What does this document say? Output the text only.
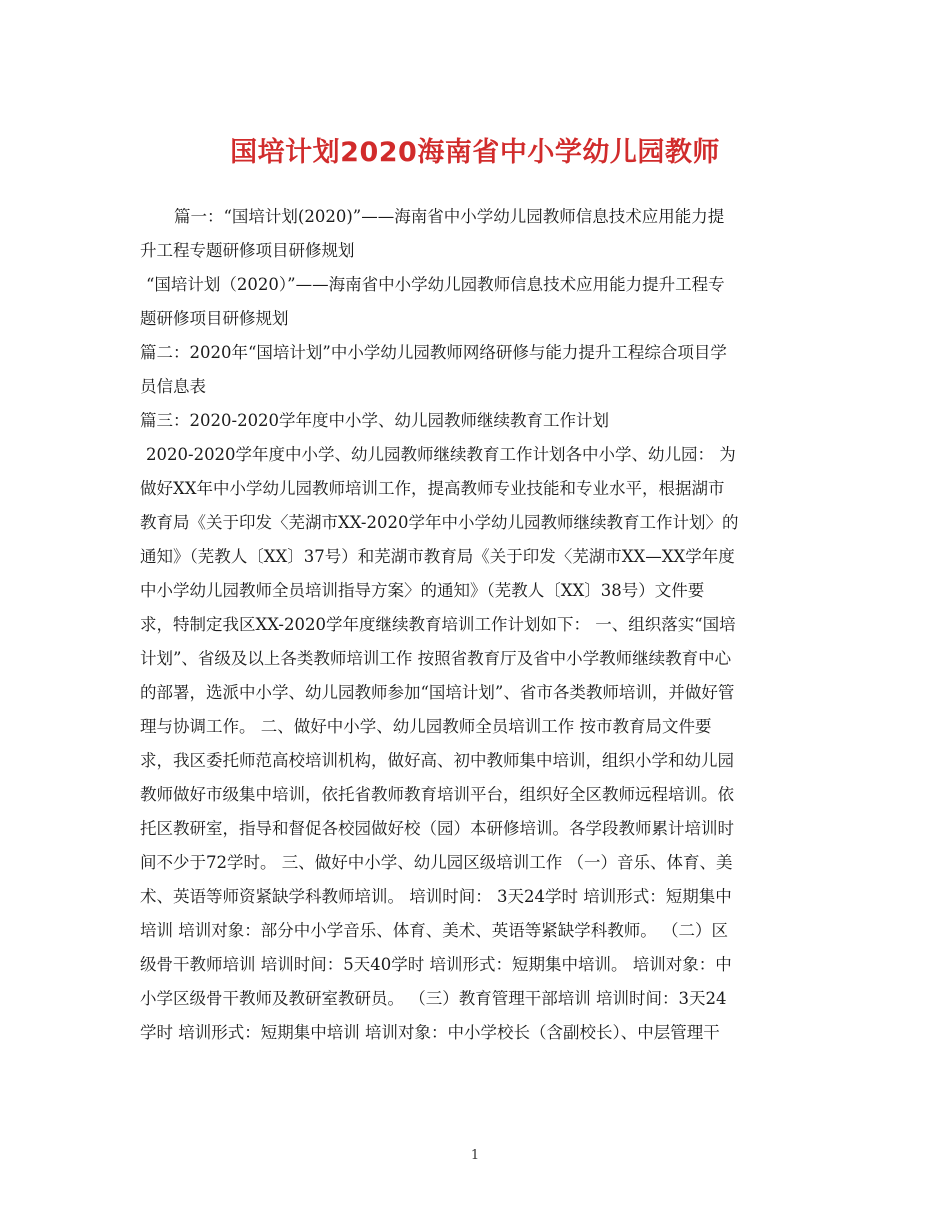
国培计划2020海南省中小学幼儿园教师
篇一：“国培计划(2020)”——海南省中小学幼儿园教师信息技术应用能力提
升工程专题研修项目研修规划
“国培计划（2020）”——海南省中小学幼儿园教师信息技术应用能力提升工程专
题研修项目研修规划
篇二：2020年“国培计划”中小学幼儿园教师网络研修与能力提升工程综合项目学
员信息表
篇三：2020-2020学年度中小学、幼儿园教师继续教育工作计划
2020-2020学年度中小学、幼儿园教师继续教育工作计划各中小学、幼儿园： 为
做好XX年中小学幼儿园教师培训工作，提高教师专业技能和专业水平，根据湖市
教育局《关于印发〈芜湖市XX-2020学年中小学幼儿园教师继续教育工作计划〉的
通知》（芜教人〔XX〕37号）和芜湖市教育局《关于印发〈芜湖市XX—XX学年度
中小学幼儿园教师全员培训指导方案〉的通知》（芜教人〔XX〕38号）文件要
求，特制定我区XX-2020学年度继续教育培训工作计划如下： 一、组织落实“国培
计划”、省级及以上各类教师培训工作 按照省教育厅及省中小学教师继续教育中心
的部署，选派中小学、幼儿园教师参加“国培计划”、省市各类教师培训，并做好管
理与协调工作。 二、做好中小学、幼儿园教师全员培训工作 按市教育局文件要
求，我区委托师范高校培训机构，做好高、初中教师集中培训，组织小学和幼儿园
教师做好市级集中培训，依托省教师教育培训平台，组织好全区教师远程培训。依
托区教研室，指导和督促各校园做好校（园）本研修培训。各学段教师累计培训时
间不少于72学时。 三、做好中小学、幼儿园区级培训工作 （一）音乐、体育、美
术、英语等师资紧缺学科教师培训。 培训时间： 3天24学时 培训形式：短期集中
培训 培训对象：部分中小学音乐、体育、美术、英语等紧缺学科教师。 （二）区
级骨干教师培训 培训时间：5天40学时 培训形式：短期集中培训。 培训对象：中
小学区级骨干教师及教研室教研员。 （三）教育管理干部培训 培训时间：3天24
学时 培训形式：短期集中培训 培训对象：中小学校长（含副校长）、中层管理干
1
